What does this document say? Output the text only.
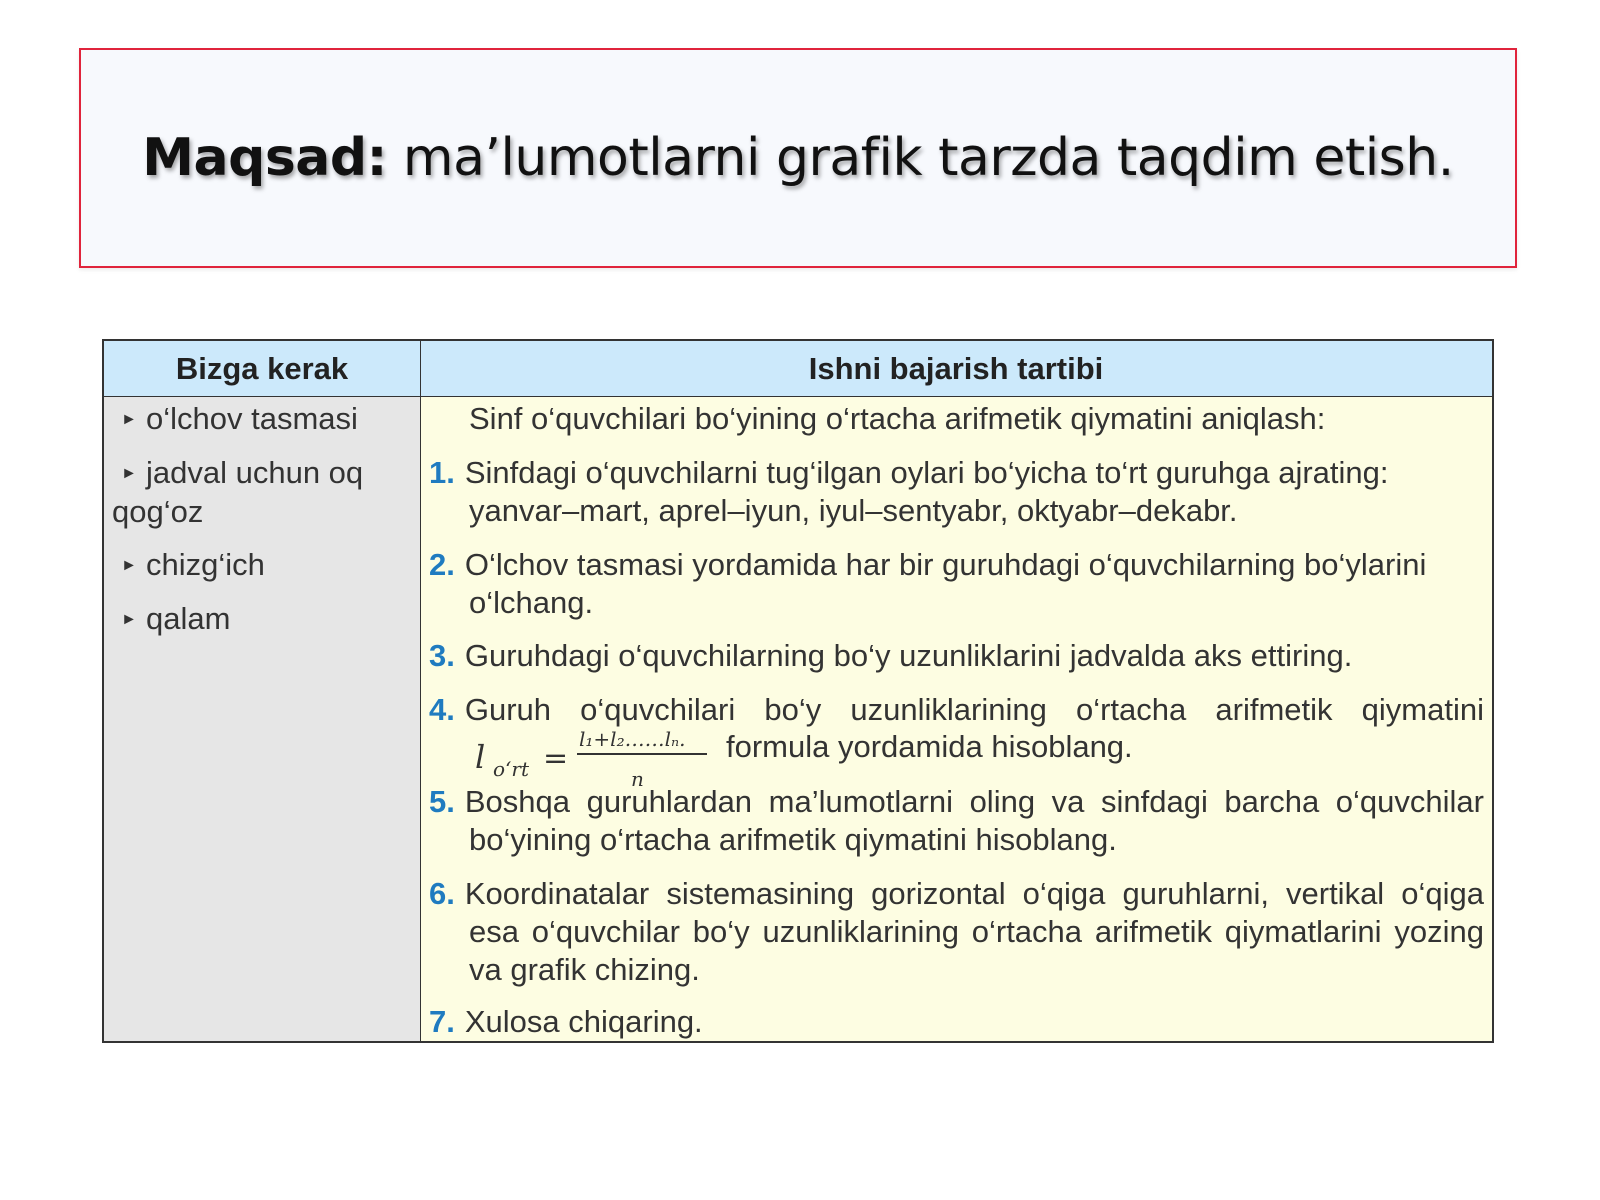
Maqsad: ma’lumotlarni grafik tarzda taqdim etish.
Bizga kerak	Ishni bajarish tartibi
► o‘lchov tasmasi
► jadval uchun oq
qog‘oz
► chizg‘ich
► qalam
Sinf o‘quvchilari bo‘yining o‘rtacha arifmetik qiymatini aniqlash:
1. Sinfdagi o‘quvchilarni tug‘ilgan oylari bo‘yicha to‘rt guruhga ajrating:
yanvar–mart, aprel–iyun, iyul–sentyabr, oktyabr–dekabr.
2. O‘lchov tasmasi yordamida har bir guruhdagi o‘quvchilarning bo‘ylarini
o‘lchang.
3. Guruhdagi o‘quvchilarning bo‘y uzunliklarini jadvalda aks ettiring.
4. Guruh o‘quvchilari bo‘y uzunliklarining o‘rtacha arifmetik qiymatini
l o‘rt =
l₁+l₂……lₙ.
n
formula yordamida hisoblang.
5. Boshqa guruhlardan ma’lumotlarni oling va sinfdagi barcha o‘quvchilar
bo‘yining o‘rtacha arifmetik qiymatini hisoblang.
6. Koordinatalar sistemasining gorizontal o‘qiga guruhlarni, vertikal o‘qiga
esa o‘quvchilar bo‘y uzunliklarining o‘rtacha arifmetik qiymatlarini yozing
va grafik chizing.
7. Xulosa chiqaring.
